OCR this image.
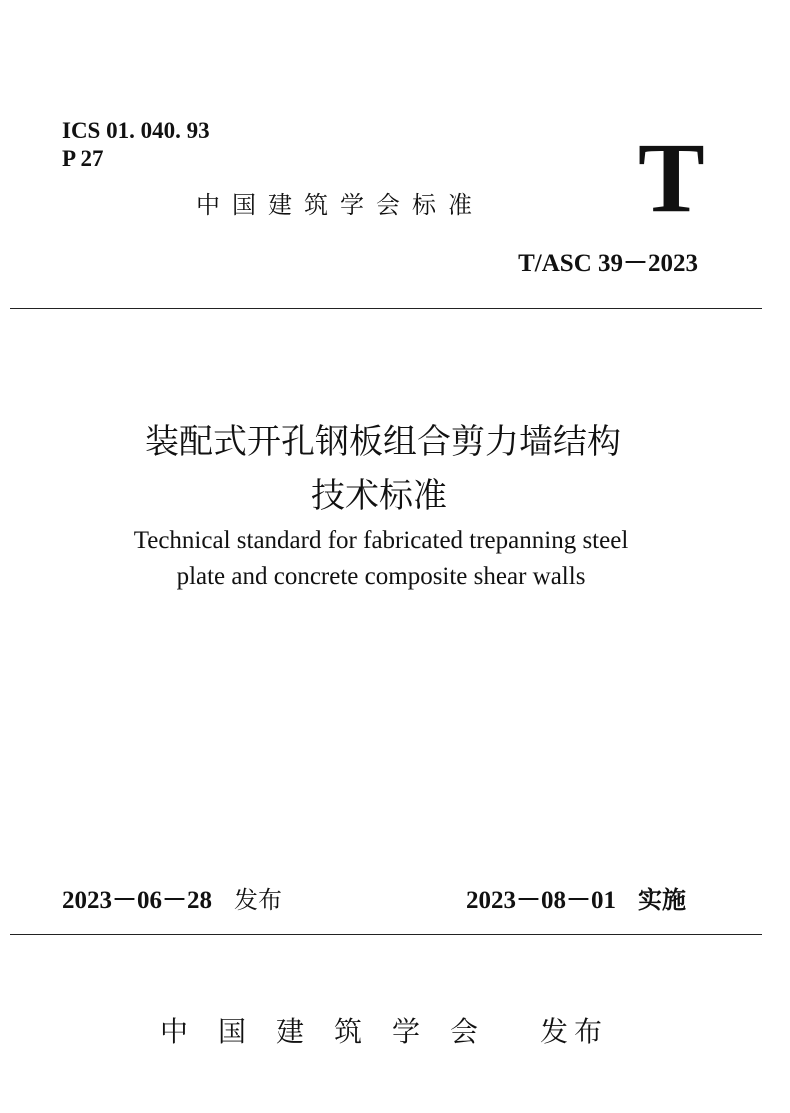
ICS 01. 040. 93
P 27
中国建筑学会标准 T
T/ASC 39－2023
装配式开孔钢板组合剪力墙结构
技术标准
Technical standard for fabricated trepanning steel
plate and concrete composite shear walls
2023－06－28 发布	2023－08－01 实施
中国建筑学会 发布
